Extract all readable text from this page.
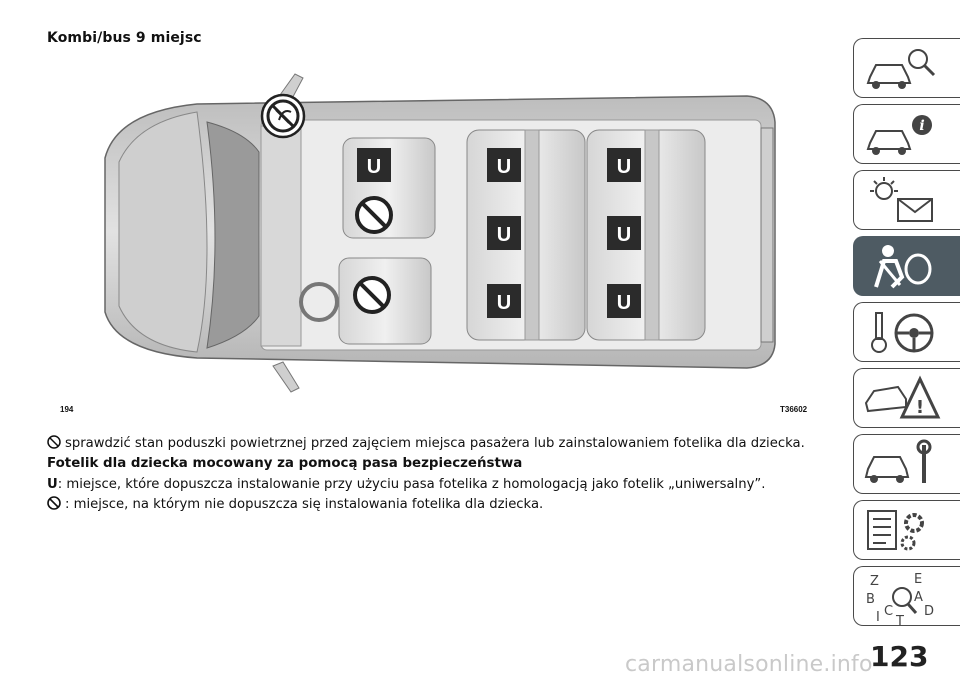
Kombi/bus 9 miejsc
U	U	U
U	U
U	U
194	T36602
sprawdzić stan poduszki powietrznej przed zajęciem miejsca pasażera lub zainstalowaniem fotelika dla dziecka.
Fotelik dla dziecka mocowany za pomocą pasa bezpieczeństwa
U: miejsce, które dopuszcza instalowanie przy użyciu pasa fotelika z homologacją jako fotelik „uniwersalny”.
: miejsce, na którym nie dopuszcza się instalowania fotelika dla dziecka.
i
!
Z	E
B	A
C D
I T
123
carmanualsonline.info
